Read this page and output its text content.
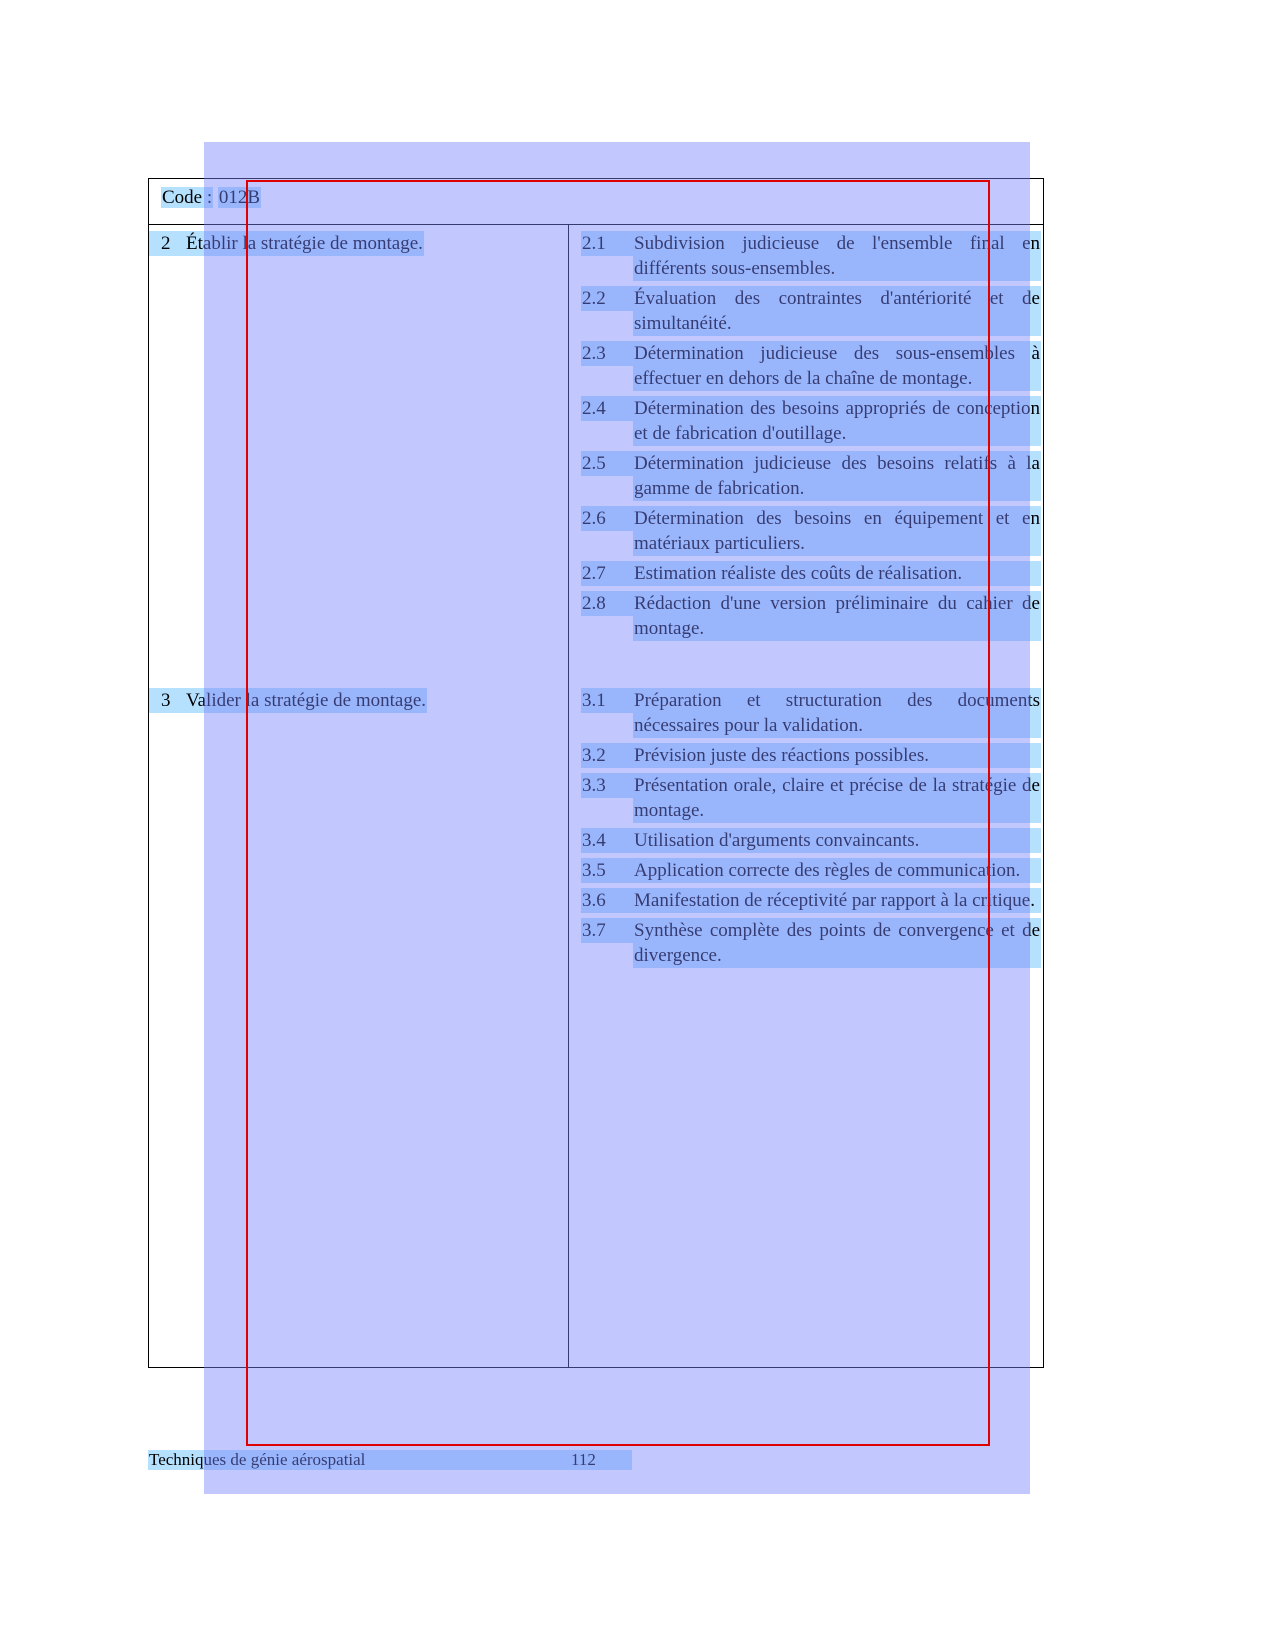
Code : 012B
2 Établir la stratégie de montage.	2.1	Subdivision judicieuse de l'ensemble final en différents sous-ensembles.
2.2	Évaluation des contraintes d'antériorité et de simultanéité.
2.3	Détermination judicieuse des sous-ensembles à effectuer en dehors de la chaîne de montage.
2.4	Détermination des besoins appropriés de conception et de fabrication d'outillage.
2.5	Détermination judicieuse des besoins relatifs à la gamme de fabrication.
2.6	Détermination des besoins en équipement et en matériaux particuliers.
2.7	Estimation réaliste des coûts de réalisation.
2.8	Rédaction d'une version préliminaire du cahier de montage.
3 Valider la stratégie de montage.	3.1	Préparation et structuration des documents nécessaires pour la validation.
3.2	Prévision juste des réactions possibles.
3.3	Présentation orale, claire et précise de la stratégie de montage.
3.4	Utilisation d'arguments convaincants.
3.5	Application correcte des règles de communication.
3.6	Manifestation de réceptivité par rapport à la critique.
3.7	Synthèse complète des points de convergence et de divergence.
Techniques de génie aérospatial	112
